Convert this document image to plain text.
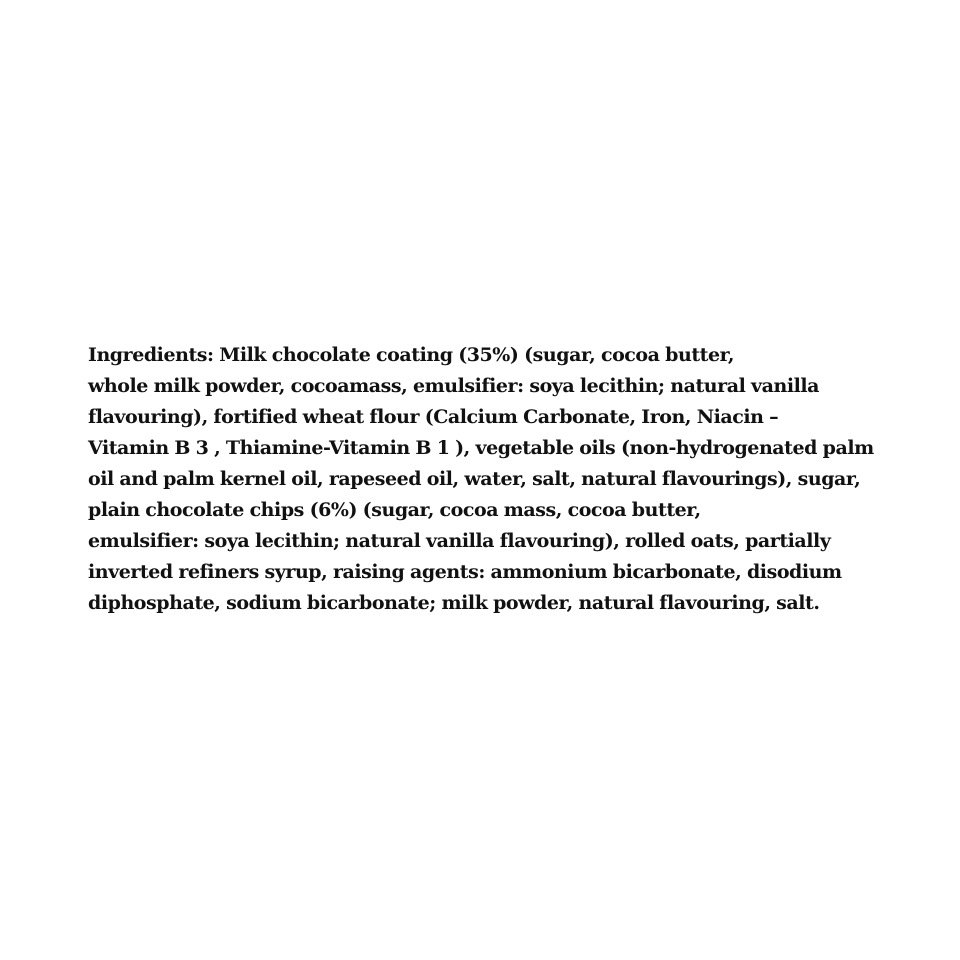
Ingredients: Milk chocolate coating (35%) (sugar, cocoa butter,
whole milk powder, cocoamass, emulsifier: soya lecithin; natural vanilla
flavouring), fortified wheat flour (Calcium Carbonate, Iron, Niacin –
Vitamin B 3 , Thiamine-Vitamin B 1 ), vegetable oils (non-hydrogenated palm
oil and palm kernel oil, rapeseed oil, water, salt, natural flavourings), sugar,
plain chocolate chips (6%) (sugar, cocoa mass, cocoa butter,
emulsifier: soya lecithin; natural vanilla flavouring), rolled oats, partially
inverted refiners syrup, raising agents: ammonium bicarbonate, disodium
diphosphate, sodium bicarbonate; milk powder, natural flavouring, salt.
